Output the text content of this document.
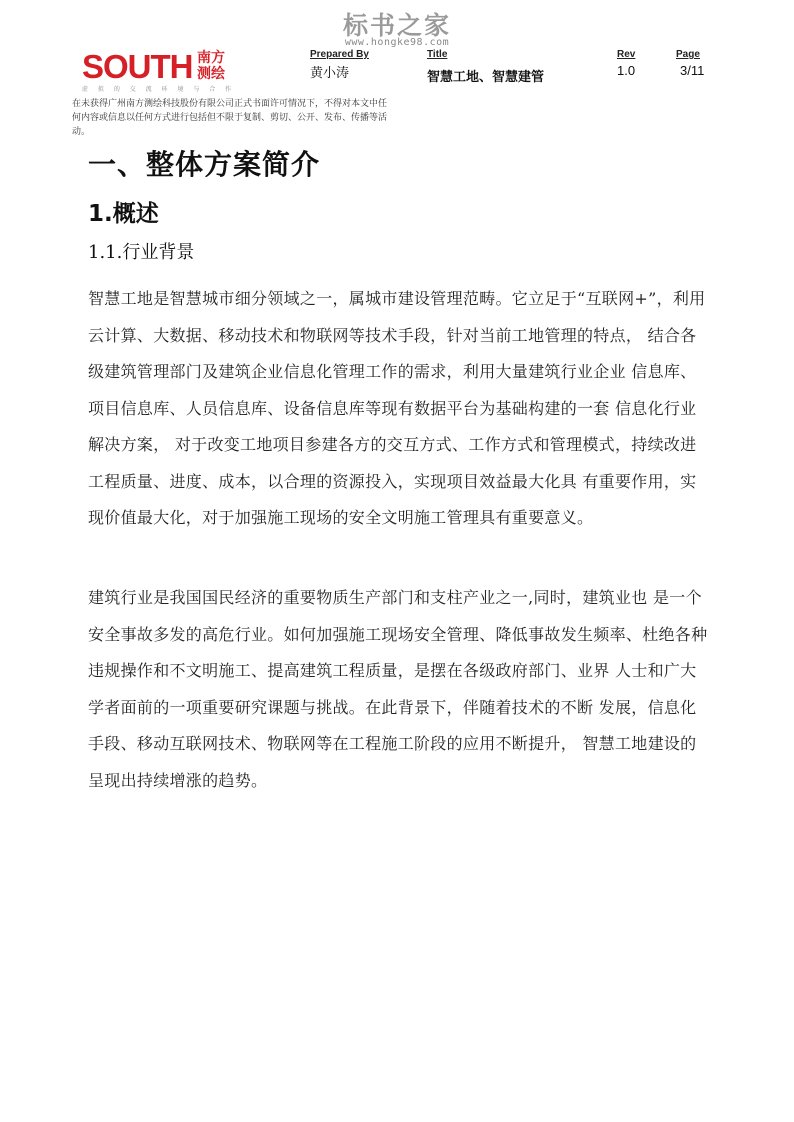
标书之家
www.hongke98.com
SOUTH 南方测绘
虚 拟 的 交 流 环 境 与 合 作
Prepared By
黄小涛
Title
智慧工地、智慧建管
Rev
1.0
Page
3/11
在未获得广州南方测绘科技股份有限公司正式书面许可情况下，不得对本文中任何内容或信息以任何方式进行包括但不限于复制、剪切、公开、发布、传播等活动。
一、整体方案简介
1.概述
1.1.行业背景
智慧工地是智慧城市细分领域之一，属城市建设管理范畴。它立足于“互联网+”，利用云计算、大数据、移动技术和物联网等技术手段，针对当前工地管理的特点， 结合各级建筑管理部门及建筑企业信息化管理工作的需求，利用大量建筑行业企业 信息库、项目信息库、人员信息库、设备信息库等现有数据平台为基础构建的一套 信息化行业解决方案， 对于改变工地项目参建各方的交互方式、工作方式和管理模式，持续改进工程质量、进度、成本，以合理的资源投入，实现项目效益最大化具 有重要作用，实现价值最大化，对于加强施工现场的安全文明施工管理具有重要意义。
建筑行业是我国国民经济的重要物质生产部门和支柱产业之一,同时，建筑业也 是一个安全事故多发的高危行业。如何加强施工现场安全管理、降低事故发生频率、杜绝各种违规操作和不文明施工、提高建筑工程质量，是摆在各级政府部门、业界 人士和广大学者面前的一项重要研究课题与挑战。在此背景下，伴随着技术的不断 发展，信息化手段、移动互联网技术、物联网等在工程施工阶段的应用不断提升， 智慧工地建设的呈现出持续增涨的趋势。
